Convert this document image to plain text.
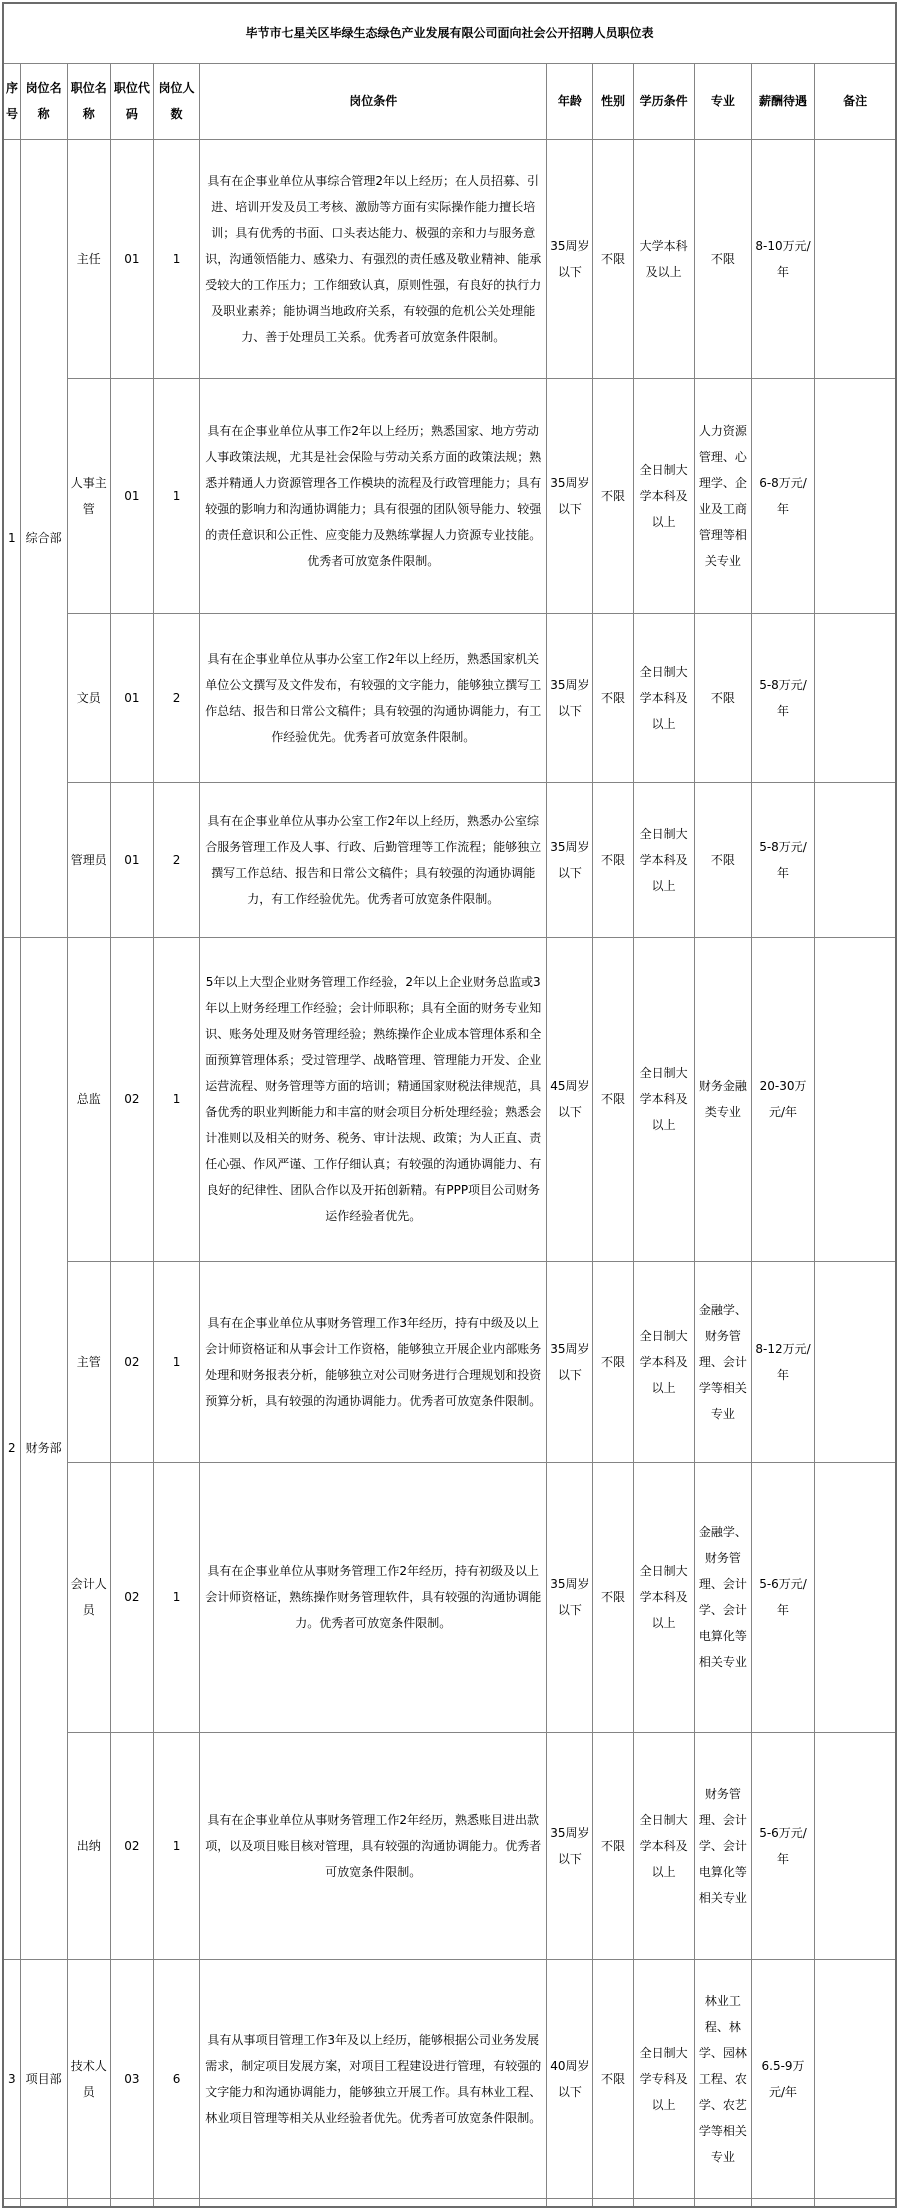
毕节市七星关区毕绿生态绿色产业发展有限公司面向社会公开招聘人员职位表											
序号	岗位名称	职位名称	职位代码	岗位人数	岗位条件	年龄	性别	学历条件	专业	薪酬待遇	备注
1	综合部	主任	01	1	具有在企事业单位从事综合管理2年以上经历；在人员招募、引进、培训开发及员工考核、激励等方面有实际操作能力擅长培训；具有优秀的书面、口头表达能力、极强的亲和力与服务意识，沟通领悟能力、感染力、有强烈的责任感及敬业精神、能承受较大的工作压力；工作细致认真，原则性强，有良好的执行力及职业素养；能协调当地政府关系，有较强的危机公关处理能力、善于处理员工关系。优秀者可放宽条件限制。	35周岁以下	不限	大学本科及以上	不限	8-10万元/年	
		人事主管	01	1	具有在企事业单位从事工作2年以上经历；熟悉国家、地方劳动人事政策法规，尤其是社会保险与劳动关系方面的政策法规；熟悉并精通人力资源管理各工作模块的流程及行政管理能力；具有较强的影响力和沟通协调能力；具有很强的团队领导能力、较强的责任意识和公正性、应变能力及熟练掌握人力资源专业技能。优秀者可放宽条件限制。	35周岁以下	不限	全日制大学本科及以上	人力资源管理、心理学、企业及工商管理等相关专业	6-8万元/年	
		文员	01	2	具有在企事业单位从事办公室工作2年以上经历，熟悉国家机关单位公文撰写及文件发布，有较强的文字能力，能够独立撰写工作总结、报告和日常公文稿件；具有较强的沟通协调能力，有工作经验优先。优秀者可放宽条件限制。	35周岁以下	不限	全日制大学本科及以上	不限	5-8万元/年	
		管理员	01	2	具有在企事业单位从事办公室工作2年以上经历，熟悉办公室综合服务管理工作及人事、行政、后勤管理等工作流程；能够独立撰写工作总结、报告和日常公文稿件；具有较强的沟通协调能力，有工作经验优先。优秀者可放宽条件限制。	35周岁以下	不限	全日制大学本科及以上	不限	5-8万元/年	
2	财务部	总监	02	1	5年以上大型企业财务管理工作经验，2年以上企业财务总监或3年以上财务经理工作经验；会计师职称；具有全面的财务专业知识、账务处理及财务管理经验；熟练操作企业成本管理体系和全面预算管理体系；受过管理学、战略管理、管理能力开发、企业运营流程、财务管理等方面的培训；精通国家财税法律规范，具备优秀的职业判断能力和丰富的财会项目分析处理经验；熟悉会计准则以及相关的财务、税务、审计法规、政策；为人正直、责任心强、作风严谨、工作仔细认真；有较强的沟通协调能力、有良好的纪律性、团队合作以及开拓创新精。有PPP项目公司财务运作经验者优先。	45周岁以下	不限	全日制大学本科及以上	财务金融类专业	20-30万元/年	
		主管	02	1	具有在企事业单位从事财务管理工作3年经历，持有中级及以上会计师资格证和从事会计工作资格，能够独立开展企业内部账务处理和财务报表分析，能够独立对公司财务进行合理规划和投资预算分析，具有较强的沟通协调能力。优秀者可放宽条件限制。	35周岁以下	不限	全日制大学本科及以上	金融学、财务管理、会计学等相关专业	8-12万元/年	
		会计人员	02	1	具有在企事业单位从事财务管理工作2年经历，持有初级及以上会计师资格证，熟练操作财务管理软件，具有较强的沟通协调能力。优秀者可放宽条件限制。	35周岁以下	不限	全日制大学本科及以上	金融学、财务管理、会计学、会计电算化等相关专业	5-6万元/年	
		出纳	02	1	具有在企事业单位从事财务管理工作2年经历，熟悉账目进出款项，以及项目账目核对管理，具有较强的沟通协调能力。优秀者可放宽条件限制。	35周岁以下	不限	全日制大学本科及以上	财务管理、会计学、会计电算化等相关专业	5-6万元/年	
3	项目部	技术人员	03	6	具有从事项目管理工作3年及以上经历，能够根据公司业务发展需求，制定项目发展方案，对项目工程建设进行管理，有较强的文字能力和沟通协调能力，能够独立开展工作。具有林业工程、林业项目管理等相关从业经验者优先。优秀者可放宽条件限制。	40周岁以下	不限	全日制大学专科及以上	林业工程、林学、园林工程、农学、农艺学等相关专业	6.5-9万元/年	
